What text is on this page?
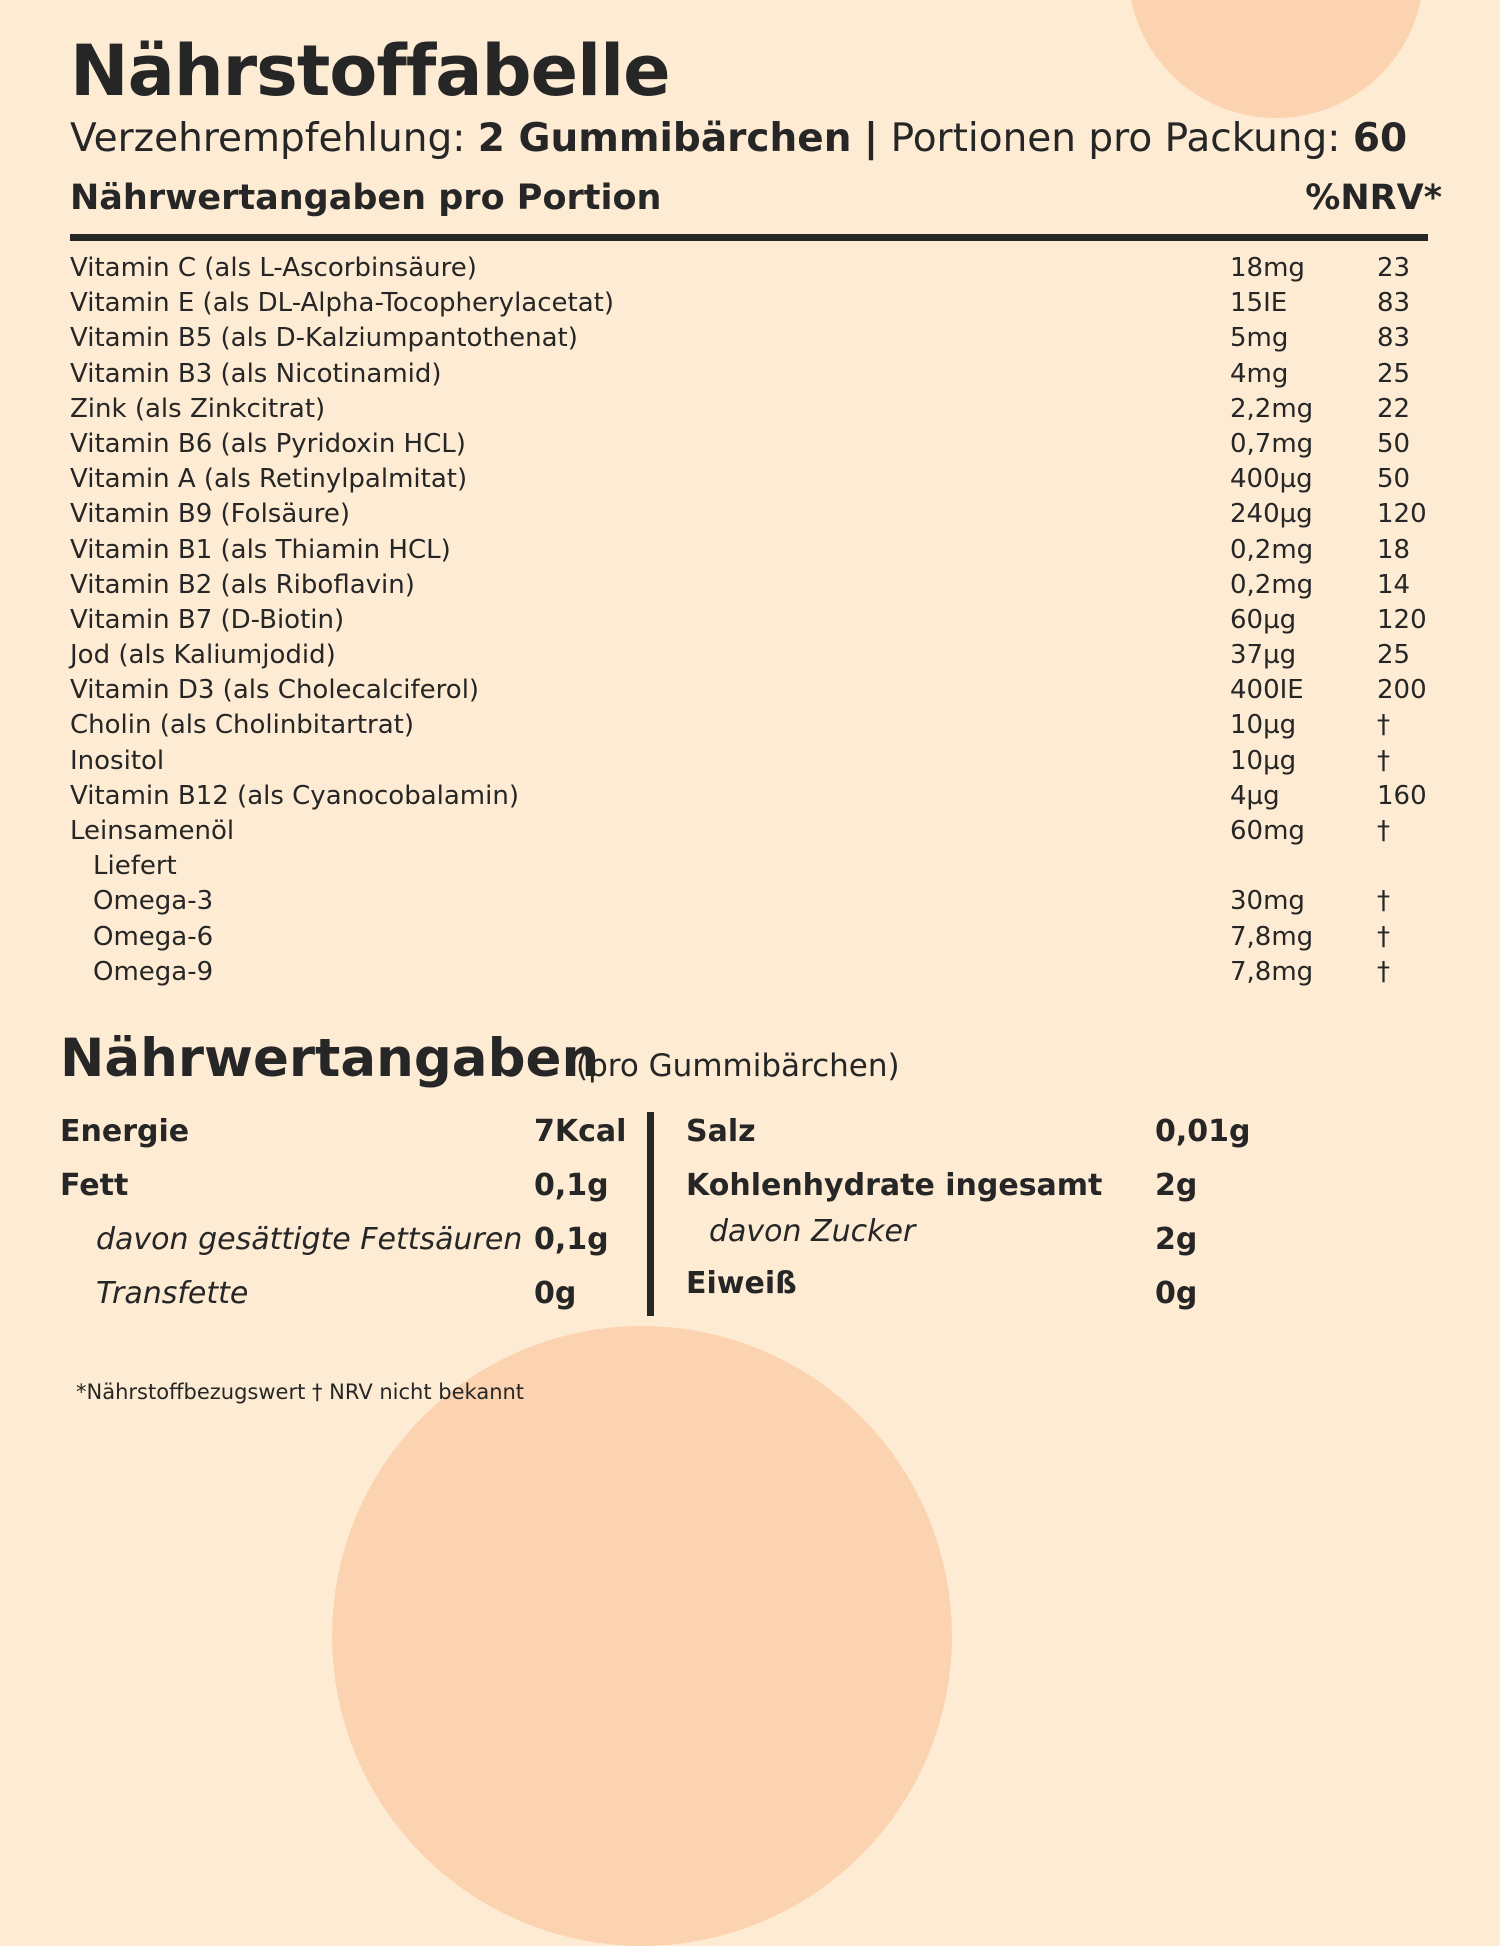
Nährstoffabelle
Verzehrempfehlung: 2 Gummibärchen | Portionen pro Packung: 60
Nährwertangaben pro Portion	%NRV*
Vitamin C (als L-Ascorbinsäure)	18mg	23
Vitamin E (als DL-Alpha-Tocopherylacetat)	15IE	83
Vitamin B5 (als D-Kalziumpantothenat)	5mg	83
Vitamin B3 (als Nicotinamid)	4mg	25
Zink (als Zinkcitrat)	2,2mg 22
Vitamin B6 (als Pyridoxin HCL)	0,7mg 50
Vitamin A (als Retinylpalmitat)	400µg 50
Vitamin B9 (Folsäure)	240µg 120
Vitamin B1 (als Thiamin HCL)	0,2mg 18
Vitamin B2 (als Riboflavin)	0,2mg 14
Vitamin B7 (D-Biotin)	60µg	120
Jod (als Kaliumjodid)	37µg	25
Vitamin D3 (als Cholecalciferol)	400IE	200
Cholin (als Cholinbitartrat)	10µg	†
Inositol	10µg	†
Vitamin B12 (als Cyanocobalamin)	4µg	160
Leinsamenöl	60mg	†
Liefert
Omega-3	30mg	†
Omega-6	7,8mg †
Omega-9	7,8mg †
Nährwertangaben
(pro Gummibärchen)
Energie	7Kcal
Fett	0,1g
davon gesättigte Fettsäuren 0,1g
Transfette	0g
Salz	0,01g
Kohlenhydrate ingesamt 2g
davon Zucker	2g
Eiweiß	0g
*Nährstoffbezugswert † NRV nicht bekannt
